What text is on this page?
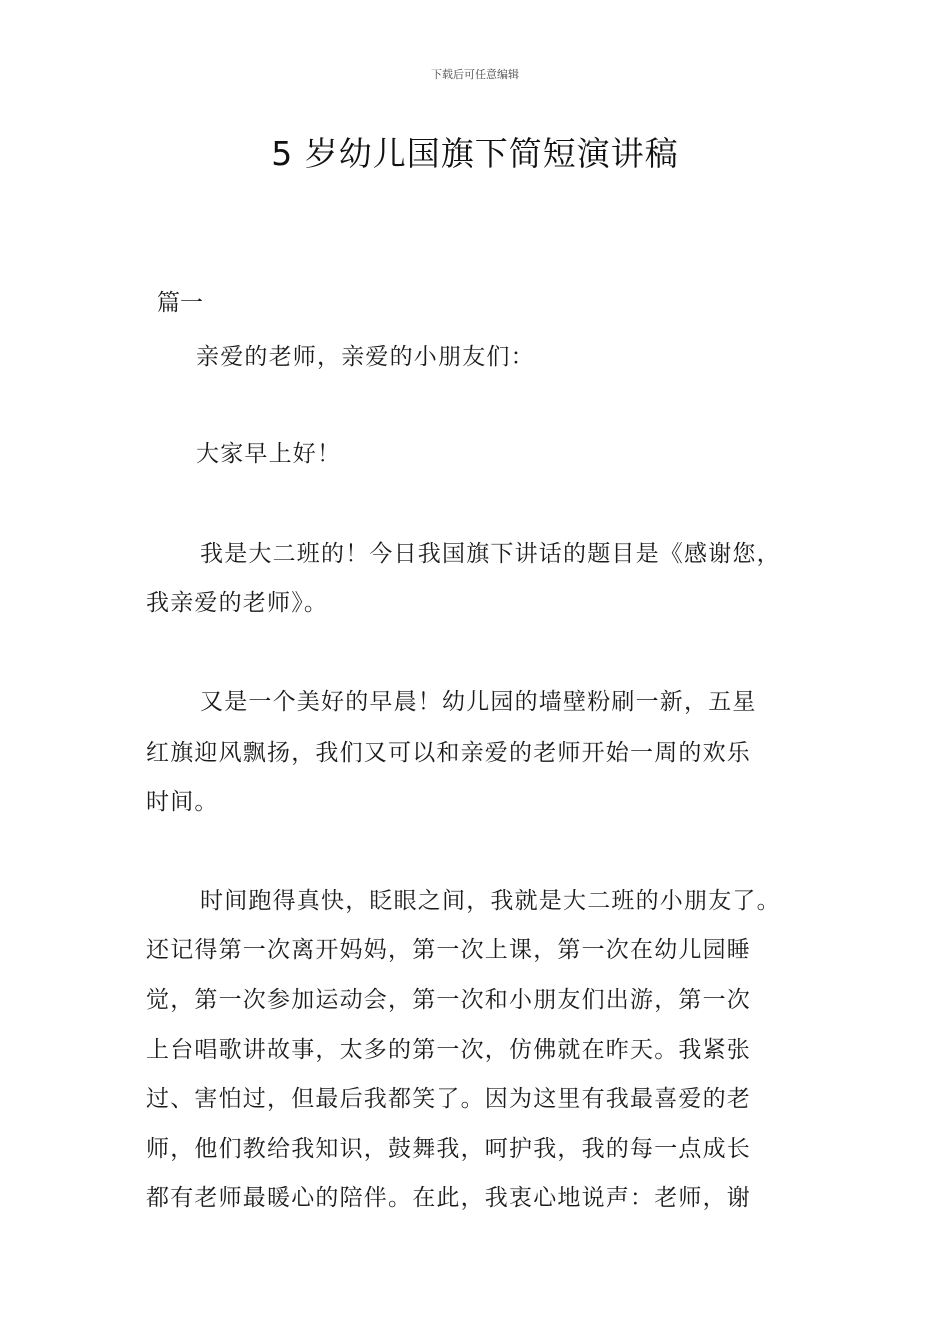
下载后可任意编辑
5 岁幼儿国旗下简短演讲稿
篇一
亲爱的老师，亲爱的小朋友们：
大家早上好！
我是大二班的！今日我国旗下讲话的题目是《感谢您，
我亲爱的老师》。
又是一个美好的早晨！幼儿园的墙壁粉刷一新，五星
红旗迎风飘扬，我们又可以和亲爱的老师开始一周的欢乐
时间。
时间跑得真快，眨眼之间，我就是大二班的小朋友了。
还记得第一次离开妈妈，第一次上课，第一次在幼儿园睡
觉，第一次参加运动会，第一次和小朋友们出游，第一次
上台唱歌讲故事，太多的第一次，仿佛就在昨天。我紧张
过、害怕过，但最后我都笑了。因为这里有我最喜爱的老
师，他们教给我知识，鼓舞我，呵护我，我的每一点成长
都有老师最暖心的陪伴。在此，我衷心地说声：老师，谢
